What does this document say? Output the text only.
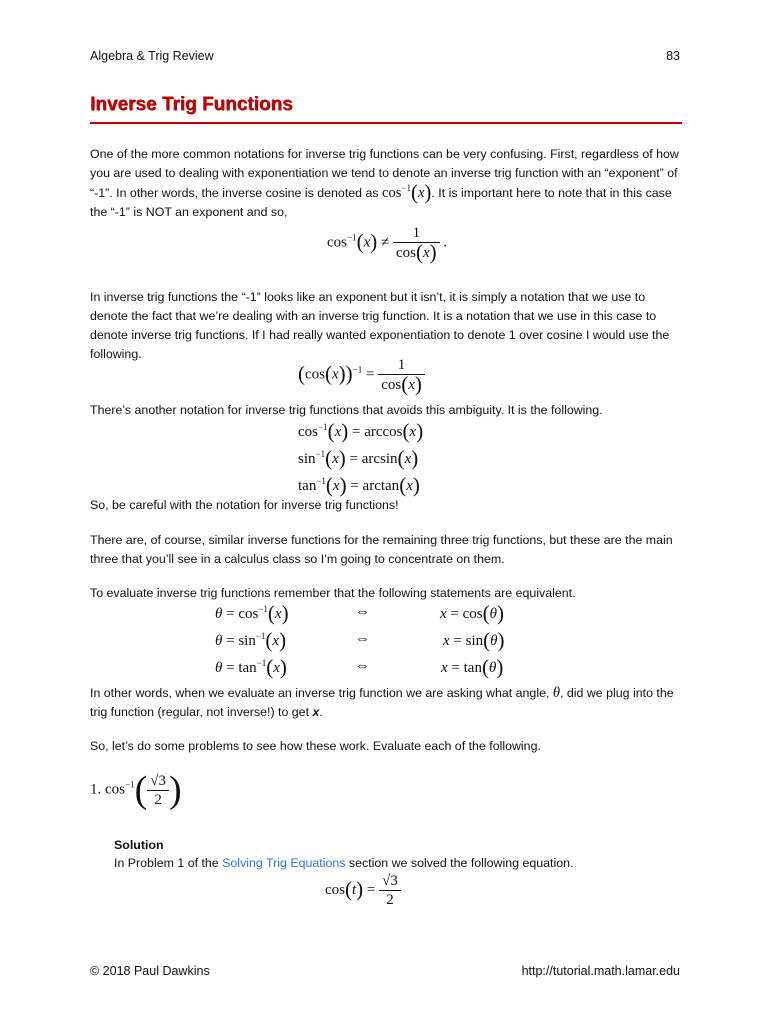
Algebra & Trig Review	83
Inverse Trig Functions
One of the more common notations for inverse trig functions can be very confusing. First, regardless of how you are used to dealing with exponentiation we tend to denote an inverse trig function with an “exponent” of “-1”. In other words, the inverse cosine is denoted as $\cos^{-1}(x)$. It is important here to note that in this case the “-1” is NOT an exponent and so,
$\cos^{-1}(x) \ne \frac{1}{\cos(x)}$ .
In inverse trig functions the “-1” looks like an exponent but it isn’t, it is simply a notation that we use to denote the fact that we’re dealing with an inverse trig function. It is a notation that we use in this case to denote inverse trig functions. If I had really wanted exponentiation to denote 1 over cosine I would use the following.
$(\cos(x))^{-1} = \frac{1}{\cos(x)}$
There’s another notation for inverse trig functions that avoids this ambiguity. It is the following.
$\cos^{-1}(x) = \arccos(x)$
$\sin^{-1}(x) = \arcsin(x)$
$\tan^{-1}(x) = \arctan(x)$
So, be careful with the notation for inverse trig functions!
There are, of course, similar inverse functions for the remaining three trig functions, but these are the main three that you’ll see in a calculus class so I’m going to concentrate on them.
To evaluate inverse trig functions remember that the following statements are equivalent.
$\theta = \cos^{-1}(x)$	⇔	x = cos(θ)
$\theta = \sin^{-1}(x)$	⇔	x = sin(θ)
$\theta = \tan^{-1}(x)$	⇔	x = tan(θ)
In other words, when we evaluate an inverse trig function we are asking what angle, θ, did we plug into the trig function (regular, not inverse!) to get x.
So, let’s do some problems to see how these work. Evaluate each of the following.
1. $\cos^{-1}( \frac{√3}{2}$ )
Solution
In Problem 1 of the Solving Trig Equations section we solved the following equation.
$\cos(t) = \frac{√3}{2}$
© 2018 Paul Dawkins	http://tutorial.math.lamar.edu
